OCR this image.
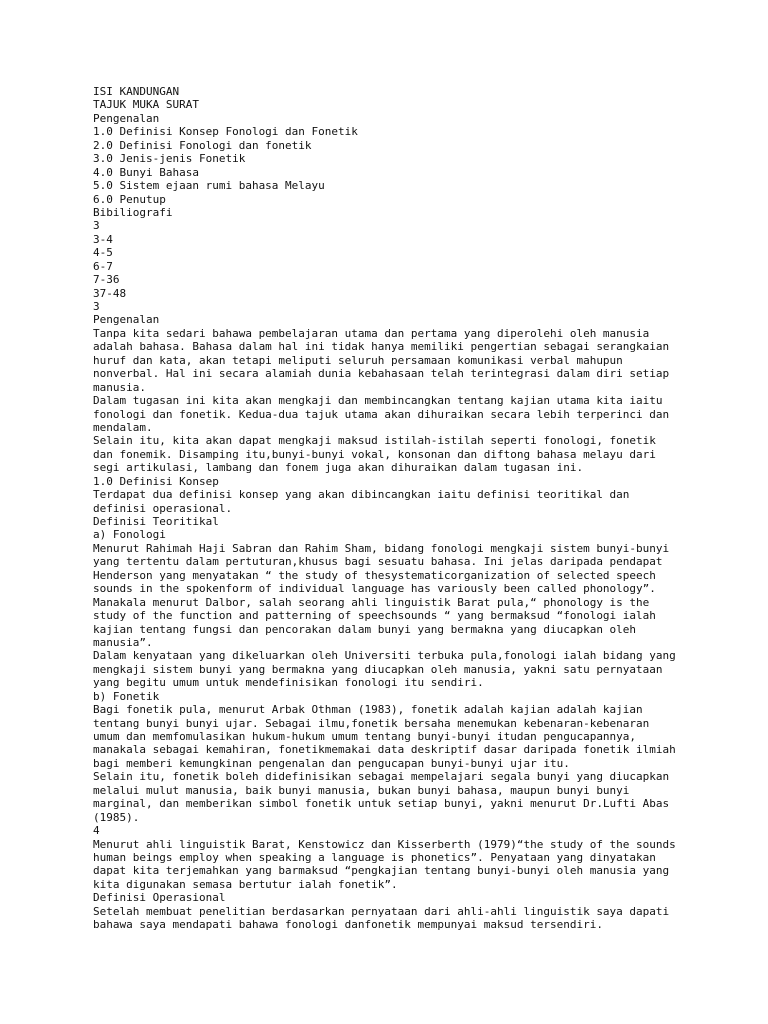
ISI KANDUNGAN
TAJUK MUKA SURAT
Pengenalan
1.0 Definisi Konsep Fonologi dan Fonetik
2.0 Definisi Fonologi dan fonetik
3.0 Jenis-jenis Fonetik
4.0 Bunyi Bahasa
5.0 Sistem ejaan rumi bahasa Melayu
6.0 Penutup
Bibiliografi
3
3-4
4-5
6-7
7-36
37-48
3
Pengenalan
Tanpa kita sedari bahawa pembelajaran utama dan pertama yang diperolehi oleh manusia
adalah bahasa. Bahasa dalam hal ini tidak hanya memiliki pengertian sebagai serangkaian
huruf dan kata, akan tetapi meliputi seluruh persamaan komunikasi verbal mahupun
nonverbal. Hal ini secara alamiah dunia kebahasaan telah terintegrasi dalam diri setiap
manusia.
Dalam tugasan ini kita akan mengkaji dan membincangkan tentang kajian utama kita iaitu
fonologi dan fonetik. Kedua-dua tajuk utama akan dihuraikan secara lebih terperinci dan
mendalam.
Selain itu, kita akan dapat mengkaji maksud istilah-istilah seperti fonologi, fonetik
dan fonemik. Disamping itu,bunyi-bunyi vokal, konsonan dan diftong bahasa melayu dari
segi artikulasi, lambang dan fonem juga akan dihuraikan dalam tugasan ini.
1.0 Definisi Konsep
Terdapat dua definisi konsep yang akan dibincangkan iaitu definisi teoritikal dan
definisi operasional.
Definisi Teoritikal
a) Fonologi
Menurut Rahimah Haji Sabran dan Rahim Sham, bidang fonologi mengkaji sistem bunyi-bunyi
yang tertentu dalam pertuturan,khusus bagi sesuatu bahasa. Ini jelas daripada pendapat
Henderson yang menyatakan “ the study of thesystematicorganization of selected speech
sounds in the spokenform of individual language has variously been called phonology”.
Manakala menurut Dalbor, salah seorang ahli linguistik Barat pula,“ phonology is the
study of the function and patterning of speechsounds “ yang bermaksud “fonologi ialah
kajian tentang fungsi dan pencorakan dalam bunyi yang bermakna yang diucapkan oleh
manusia”.
Dalam kenyataan yang dikeluarkan oleh Universiti terbuka pula,fonologi ialah bidang yang
mengkaji sistem bunyi yang bermakna yang diucapkan oleh manusia, yakni satu pernyataan
yang begitu umum untuk mendefinisikan fonologi itu sendiri.
b) Fonetik
Bagi fonetik pula, menurut Arbak Othman (1983), fonetik adalah kajian adalah kajian
tentang bunyi bunyi ujar. Sebagai ilmu,fonetik bersaha menemukan kebenaran-kebenaran
umum dan memfomulasikan hukum-hukum umum tentang bunyi-bunyi itudan pengucapannya,
manakala sebagai kemahiran, fonetikmemakai data deskriptif dasar daripada fonetik ilmiah
bagi memberi kemungkinan pengenalan dan pengucapan bunyi-bunyi ujar itu.
Selain itu, fonetik boleh didefinisikan sebagai mempelajari segala bunyi yang diucapkan
melalui mulut manusia, baik bunyi manusia, bukan bunyi bahasa, maupun bunyi bunyi
marginal, dan memberikan simbol fonetik untuk setiap bunyi, yakni menurut Dr.Lufti Abas
(1985).
4
Menurut ahli linguistik Barat, Kenstowicz dan Kisserberth (1979)“the study of the sounds
human beings employ when speaking a language is phonetics”. Penyataan yang dinyatakan
dapat kita terjemahkan yang barmaksud “pengkajian tentang bunyi-bunyi oleh manusia yang
kita digunakan semasa bertutur ialah fonetik”.
Definisi Operasional
Setelah membuat penelitian berdasarkan pernyataan dari ahli-ahli linguistik saya dapati
bahawa saya mendapati bahawa fonologi danfonetik mempunyai maksud tersendiri.
